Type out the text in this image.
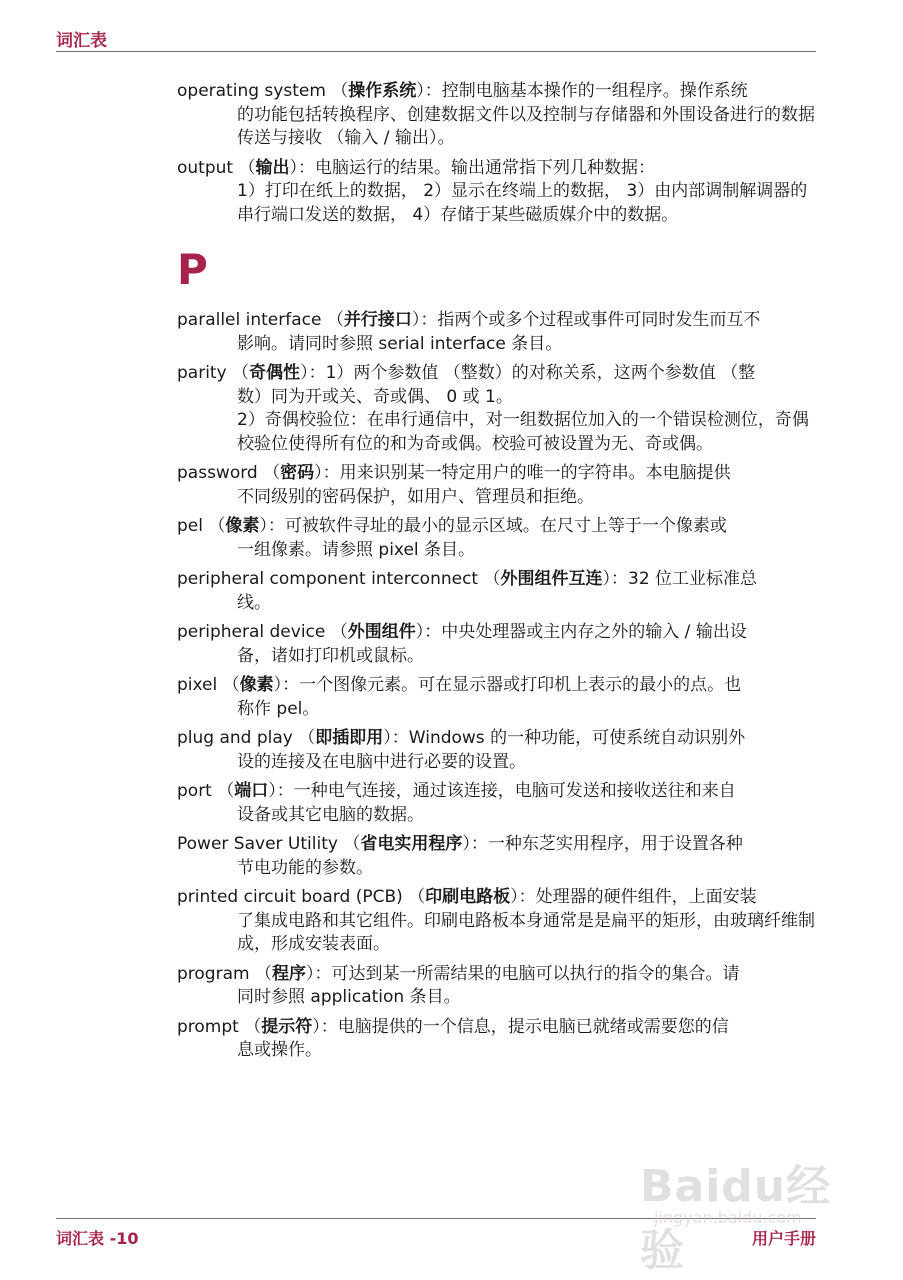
词汇表
operating system （操作系统）：控制电脑基本操作的一组程序。操作系统
的功能包括转换程序、创建数据文件以及控制与存储器和外围设备进行的数据传送与接收 （输入 / 输出）。
output （输出）：电脑运行的结果。输出通常指下列几种数据：
1）打印在纸上的数据， 2）显示在终端上的数据， 3）由内部调制解调器的串行端口发送的数据， 4）存储于某些磁质媒介中的数据。
P
parallel interface （并行接口）：指两个或多个过程或事件可同时发生而互不
影响。请同时参照 serial interface 条目。
parity （奇偶性）：1）两个参数值 （整数）的对称关系，这两个参数值 （整
数）同为开或关、奇或偶、 0 或 1。
2）奇偶校验位：在串行通信中，对一组数据位加入的一个错误检测位，奇偶校验位使得所有位的和为奇或偶。校验可被设置为无、奇或偶。
password （密码）：用来识别某一特定用户的唯一的字符串。本电脑提供
不同级别的密码保护，如用户、管理员和拒绝。
pel （像素）：可被软件寻址的最小的显示区域。在尺寸上等于一个像素或
一组像素。请参照 pixel 条目。
peripheral component interconnect （外围组件互连）：32 位工业标准总
线。
peripheral device （外围组件）：中央处理器或主内存之外的输入 / 输出设
备，诸如打印机或鼠标。
pixel （像素）：一个图像元素。可在显示器或打印机上表示的最小的点。也
称作 pel。
plug and play （即插即用）：Windows 的一种功能，可使系统自动识别外
设的连接及在电脑中进行必要的设置。
port （端口）：一种电气连接，通过该连接，电脑可发送和接收送往和来自
设备或其它电脑的数据。
Power Saver Utility （省电实用程序）：一种东芝实用程序，用于设置各种
节电功能的参数。
printed circuit board (PCB) （印刷电路板）：处理器的硬件组件，上面安装
了集成电路和其它组件。印刷电路板本身通常是是扁平的矩形，由玻璃纤维制成，形成安装表面。
program （程序）：可达到某一所需结果的电脑可以执行的指令的集合。请
同时参照 application 条目。
prompt （提示符）：电脑提供的一个信息，提示电脑已就绪或需要您的信
息或操作。
词汇表 -10	用户手册
Baidu经验
jingyan.baidu.com
